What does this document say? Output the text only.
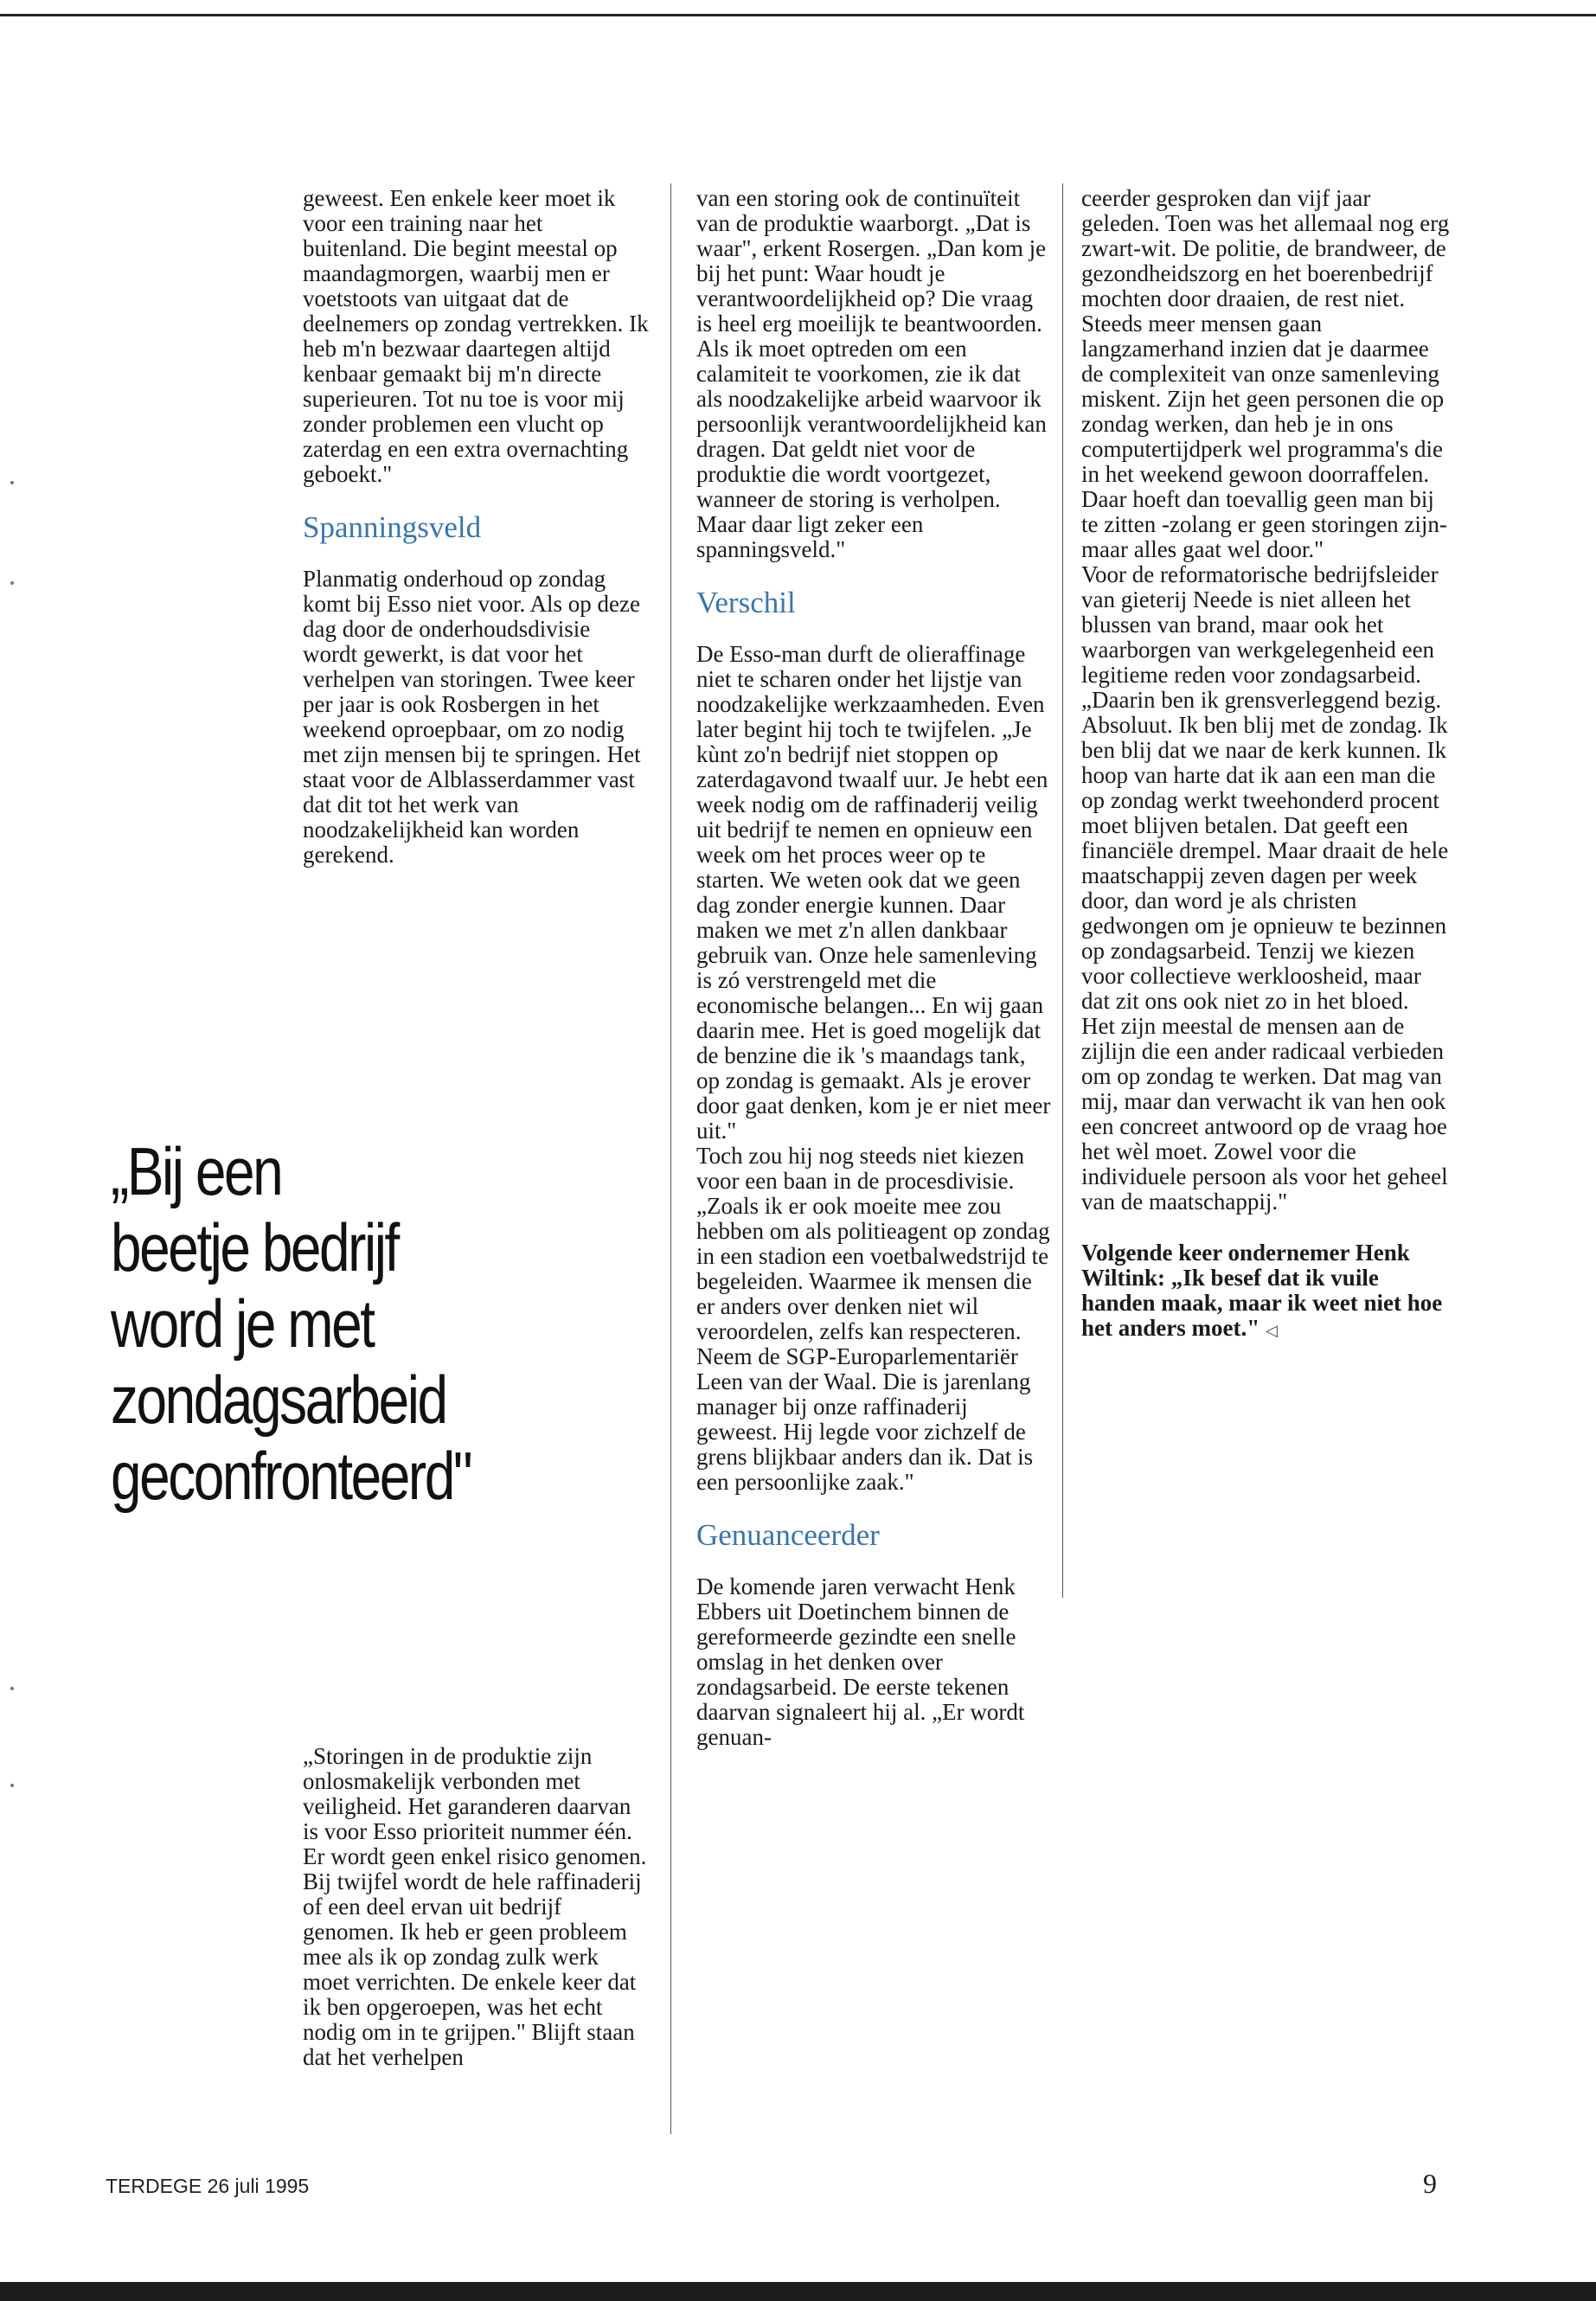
geweest. Een enkele keer moet ik voor een training naar het buitenland. Die begint meestal op maandagmorgen, waarbij men er voetstoots van uitgaat dat de deelnemers op zondag vertrekken. Ik heb m'n bezwaar daartegen altijd kenbaar gemaakt bij m'n directe superieuren. Tot nu toe is voor mij zonder problemen een vlucht op zaterdag en een extra overnachting geboekt."

Spanningsveld

Planmatig onderhoud op zondag komt bij Esso niet voor. Als op deze dag door de onderhoudsdivisie wordt gewerkt, is dat voor het verhelpen van storingen. Twee keer per jaar is ook Rosbergen in het weekend oproepbaar, om zo nodig met zijn mensen bij te springen. Het staat voor de Alblasserdammer vast dat dit tot het werk van noodzakelijkheid kan worden gerekend.

„Bij een
beetje bedrijf
word je met
zondagsarbeid
geconfronteerd"

„Storingen in de produktie zijn onlosmakelijk verbonden met veiligheid. Het garanderen daarvan is voor Esso prioriteit nummer één. Er wordt geen enkel risico genomen. Bij twijfel wordt de hele raffinaderij of een deel ervan uit bedrijf genomen. Ik heb er geen probleem mee als ik op zondag zulk werk moet verrichten. De enkele keer dat ik ben opgeroepen, was het echt nodig om in te grijpen." Blijft staan dat het verhelpen

van een storing ook de continuïteit van de produktie waarborgt. „Dat is waar", erkent Rosergen. „Dan kom je bij het punt: Waar houdt je verantwoordelijkheid op? Die vraag is heel erg moeilijk te beantwoorden. Als ik moet optreden om een calamiteit te voorkomen, zie ik dat als noodzakelijke arbeid waarvoor ik persoonlijk verantwoordelijkheid kan dragen. Dat geldt niet voor de produktie die wordt voortgezet, wanneer de storing is verholpen. Maar daar ligt zeker een spanningsveld."

Verschil

De Esso-man durft de olieraffinage niet te scharen onder het lijstje van noodzakelijke werkzaamheden. Even later begint hij toch te twijfelen. „Je kùnt zo'n bedrijf niet stoppen op zaterdagavond twaalf uur. Je hebt een week nodig om de raffinaderij veilig uit bedrijf te nemen en opnieuw een week om het proces weer op te starten. We weten ook dat we geen dag zonder energie kunnen. Daar maken we met z'n allen dankbaar gebruik van. Onze hele samenleving is zó verstrengeld met die economische belangen... En wij gaan daarin mee. Het is goed mogelijk dat de benzine die ik 's maandags tank, op zondag is gemaakt. Als je erover door gaat denken, kom je er niet meer uit."

Toch zou hij nog steeds niet kiezen voor een baan in de procesdivisie. „Zoals ik er ook moeite mee zou hebben om als politieagent op zondag in een stadion een voetbalwedstrijd te begeleiden. Waarmee ik mensen die er anders over denken niet wil veroordelen, zelfs kan respecteren. Neem de SGP-Europarlementariër Leen van der Waal. Die is jarenlang manager bij onze raffinaderij geweest. Hij legde voor zichzelf de grens blijkbaar anders dan ik. Dat is een persoonlijke zaak."

Genuanceerder

De komende jaren verwacht Henk Ebbers uit Doetinchem binnen de gereformeerde gezindte een snelle omslag in het denken over zondagsarbeid. De eerste tekenen daarvan signaleert hij al. „Er wordt genuan-

ceerder gesproken dan vijf jaar geleden. Toen was het allemaal nog erg zwart-wit. De politie, de brandweer, de gezondheidszorg en het boerenbedrijf mochten door draaien, de rest niet. Steeds meer mensen gaan langzamerhand inzien dat je daarmee de complexiteit van onze samenleving miskent. Zijn het geen personen die op zondag werken, dan heb je in ons computertijdperk wel programma's die in het weekend gewoon doorraffelen. Daar hoeft dan toevallig geen man bij te zitten -zolang er geen storingen zijn- maar alles gaat wel door."

Voor de reformatorische bedrijfsleider van gieterij Neede is niet alleen het blussen van brand, maar ook het waarborgen van werkgelegenheid een legitieme reden voor zondagsarbeid. „Daarin ben ik grensverleggend bezig. Absoluut. Ik ben blij met de zondag. Ik ben blij dat we naar de kerk kunnen. Ik hoop van harte dat ik aan een man die op zondag werkt tweehonderd procent moet blijven betalen. Dat geeft een financiële drempel. Maar draait de hele maatschappij zeven dagen per week door, dan word je als christen gedwongen om je opnieuw te bezinnen op zondagsarbeid. Tenzij we kiezen voor collectieve werkloosheid, maar dat zit ons ook niet zo in het bloed.

Het zijn meestal de mensen aan de zijlijn die een ander radicaal verbieden om op zondag te werken. Dat mag van mij, maar dan verwacht ik van hen ook een concreet antwoord op de vraag hoe het wèl moet. Zowel voor die individuele persoon als voor het geheel van de maatschappij."

Volgende keer ondernemer Henk Wiltink: „Ik besef dat ik vuile handen maak, maar ik weet niet hoe het anders moet." ◁

TERDEGE 26 juli 1995	9
